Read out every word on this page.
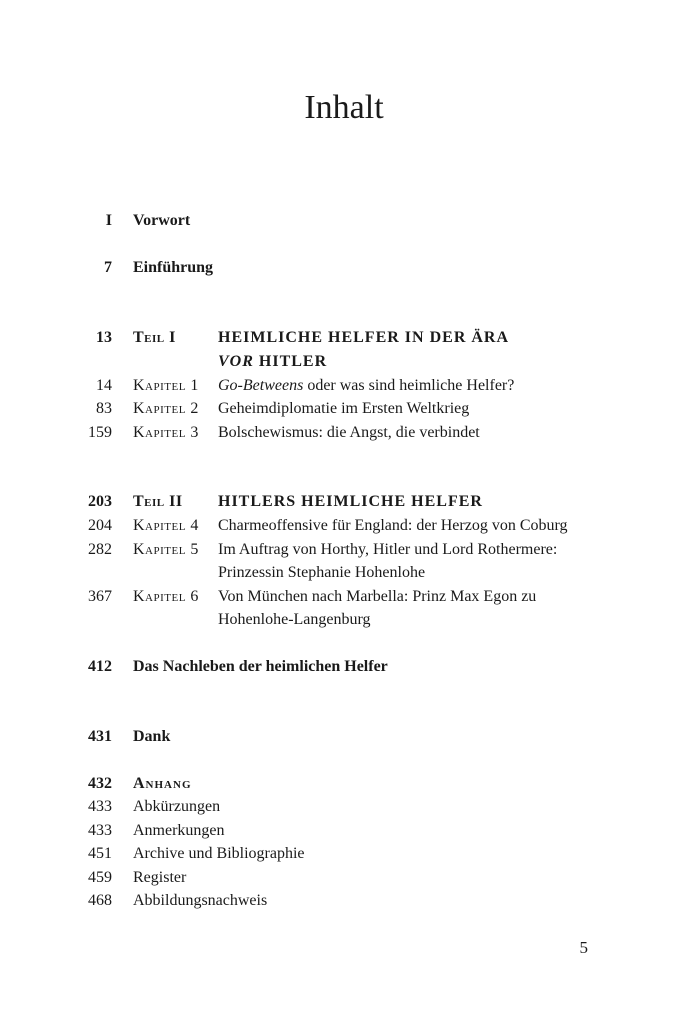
Inhalt
I Vorwort
7 Einführung
13 Teil I	HEIMLICHE HELFER IN DER ÄRA
VOR HITLER
14 Kapitel 1 Go-Betweens oder was sind heimliche Helfer?
83 Kapitel 2 Geheimdiplomatie im Ersten Weltkrieg
159 Kapitel 3 Bolschewismus: die Angst, die verbindet
203 Teil II HITLERS HEIMLICHE HELFER
204 Kapitel 4 Charmeoffensive für England: der Herzog von Coburg
282 Kapitel 5 Im Auftrag von Horthy, Hitler und Lord Rothermere:
Prinzessin Stephanie Hohenlohe
367 Kapitel 6 Von München nach Marbella: Prinz Max Egon zu
Hohenlohe-Langenburg
412 Das Nachleben der heimlichen Helfer
431 Dank
432 Anhang
433 Abkürzungen
433 Anmerkungen
451 Archive und Bibliographie
459 Register
468 Abbildungsnachweis
5
